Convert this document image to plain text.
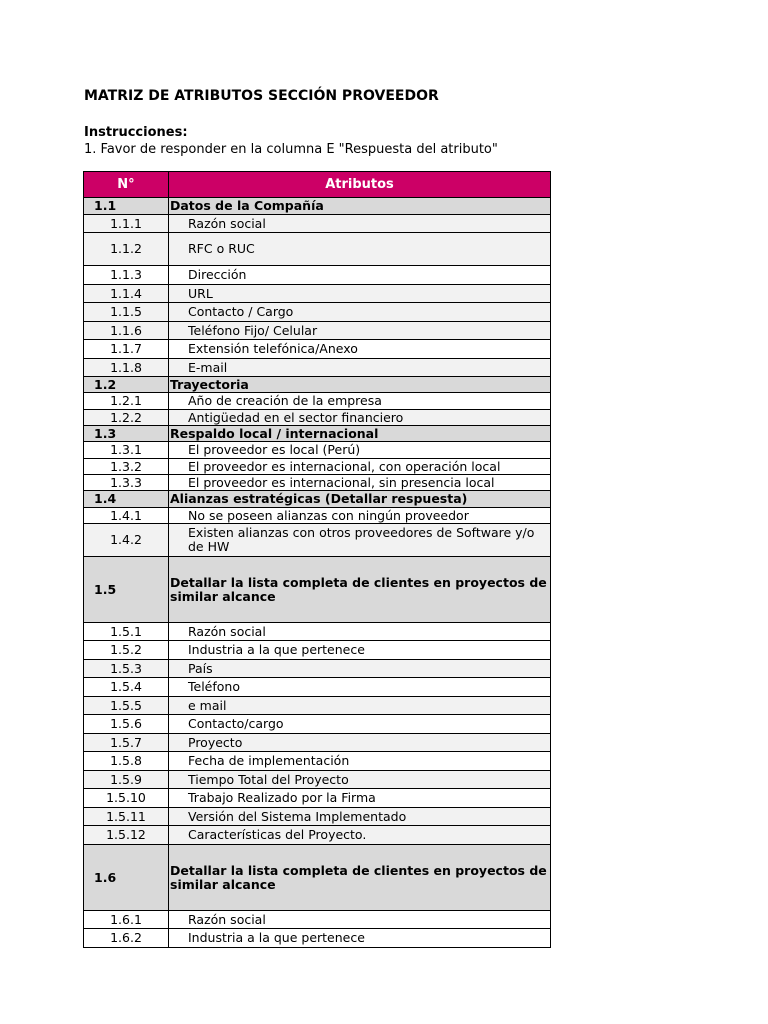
MATRIZ DE ATRIBUTOS SECCIÓN PROVEEDOR
Instrucciones:
1. Favor de responder en la columna E "Respuesta del atributo"
N°	Atributos
1.1	Datos de la Compañía
1.1.1	Razón social
1.1.2	RFC o RUC
1.1.3	Dirección
1.1.4	URL
1.1.5	Contacto / Cargo
1.1.6	Teléfono Fijo/ Celular
1.1.7	Extensión telefónica/Anexo
1.1.8	E-mail
1.2	Trayectoria
1.2.1	Año de creación de la empresa
1.2.2	Antigüedad en el sector financiero
1.3	Respaldo local / internacional
1.3.1	El proveedor es local (Perú)
1.3.2	El proveedor es internacional, con operación local
1.3.3	El proveedor es internacional, sin presencia local
1.4	Alianzas estratégicas (Detallar respuesta)
1.4.1	No se poseen alianzas con ningún proveedor
1.4.2	Existen alianzas con otros proveedores de Software y/o de HW
1.5	Detallar la lista completa de clientes en proyectos de similar alcance
1.5.1	Razón social
1.5.2	Industria a la que pertenece
1.5.3	País
1.5.4	Teléfono
1.5.5	e mail
1.5.6	Contacto/cargo
1.5.7	Proyecto
1.5.8	Fecha de implementación
1.5.9	Tiempo Total del Proyecto
1.5.10	Trabajo Realizado por la Firma
1.5.11	Versión del Sistema Implementado
1.5.12	Características del Proyecto.
1.6	Detallar la lista completa de clientes en proyectos de similar alcance
1.6.1	Razón social
1.6.2	Industria a la que pertenece
